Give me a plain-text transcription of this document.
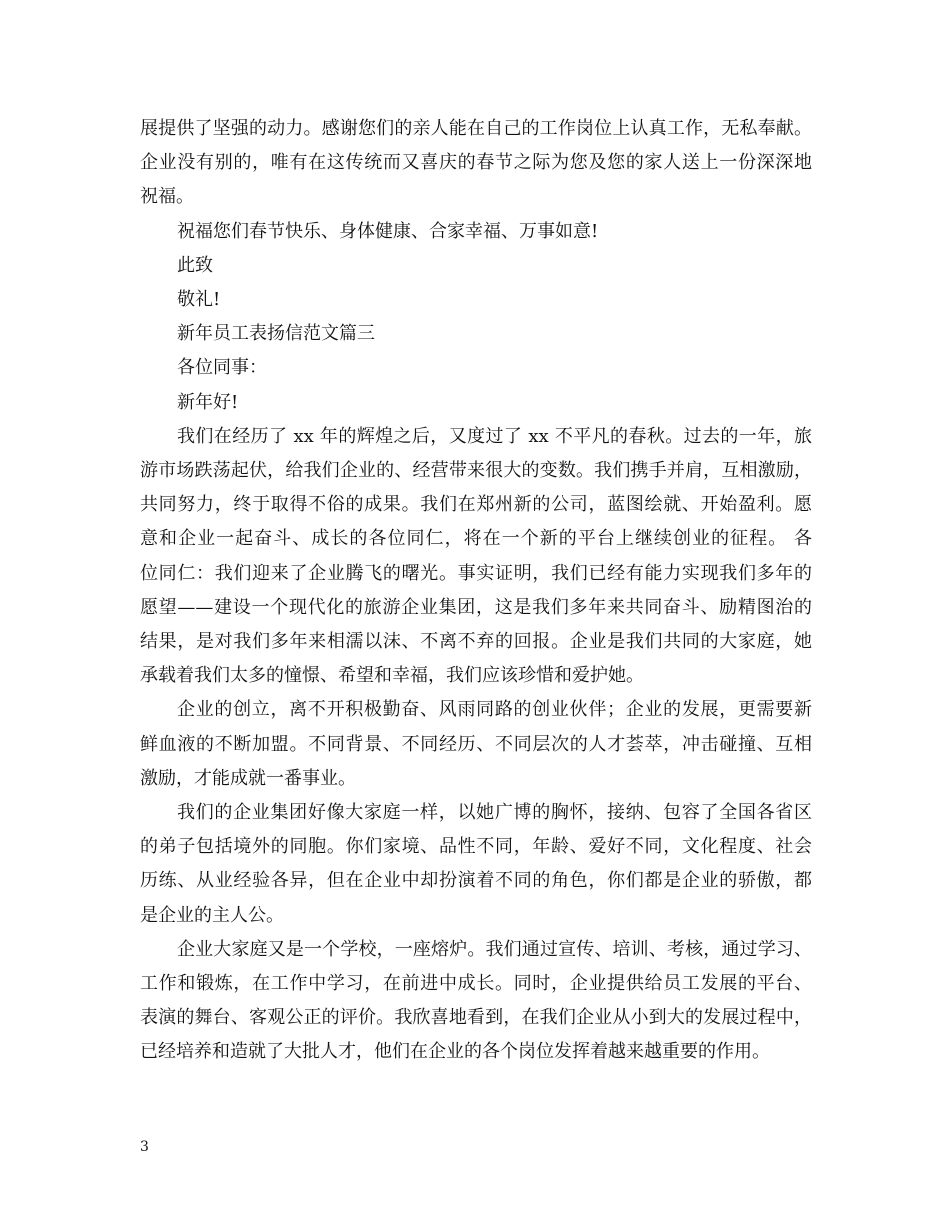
展提供了坚强的动力。感谢您们的亲人能在自己的工作岗位上认真工作，无私奉献。
企业没有别的，唯有在这传统而又喜庆的春节之际为您及您的家人送上一份深深地
祝福。
祝福您们春节快乐、身体健康、合家幸福、万事如意!
此致
敬礼!
新年员工表扬信范文篇三
各位同事：
新年好!
我们在经历了 xx 年的辉煌之后，又度过了 xx 不平凡的春秋。过去的一年，旅
游市场跌荡起伏，给我们企业的、经营带来很大的变数。我们携手并肩，互相激励，
共同努力，终于取得不俗的成果。我们在郑州新的公司，蓝图绘就、开始盈利。愿
意和企业一起奋斗、成长的各位同仁，将在一个新的平台上继续创业的征程。 各
位同仁：我们迎来了企业腾飞的曙光。事实证明，我们已经有能力实现我们多年的
愿望——建设一个现代化的旅游企业集团，这是我们多年来共同奋斗、励精图治的
结果，是对我们多年来相濡以沫、不离不弃的回报。企业是我们共同的大家庭，她
承载着我们太多的憧憬、希望和幸福，我们应该珍惜和爱护她。
企业的创立，离不开积极勤奋、风雨同路的创业伙伴；企业的发展，更需要新
鲜血液的不断加盟。不同背景、不同经历、不同层次的人才荟萃，冲击碰撞、互相
激励，才能成就一番事业。
我们的企业集团好像大家庭一样，以她广博的胸怀，接纳、包容了全国各省区
的弟子包括境外的同胞。你们家境、品性不同，年龄、爱好不同，文化程度、社会
历练、从业经验各异，但在企业中却扮演着不同的角色，你们都是企业的骄傲，都
是企业的主人公。
企业大家庭又是一个学校，一座熔炉。我们通过宣传、培训、考核，通过学习、
工作和锻炼，在工作中学习，在前进中成长。同时，企业提供给员工发展的平台、
表演的舞台、客观公正的评价。我欣喜地看到，在我们企业从小到大的发展过程中，
已经培养和造就了大批人才，他们在企业的各个岗位发挥着越来越重要的作用。
3
